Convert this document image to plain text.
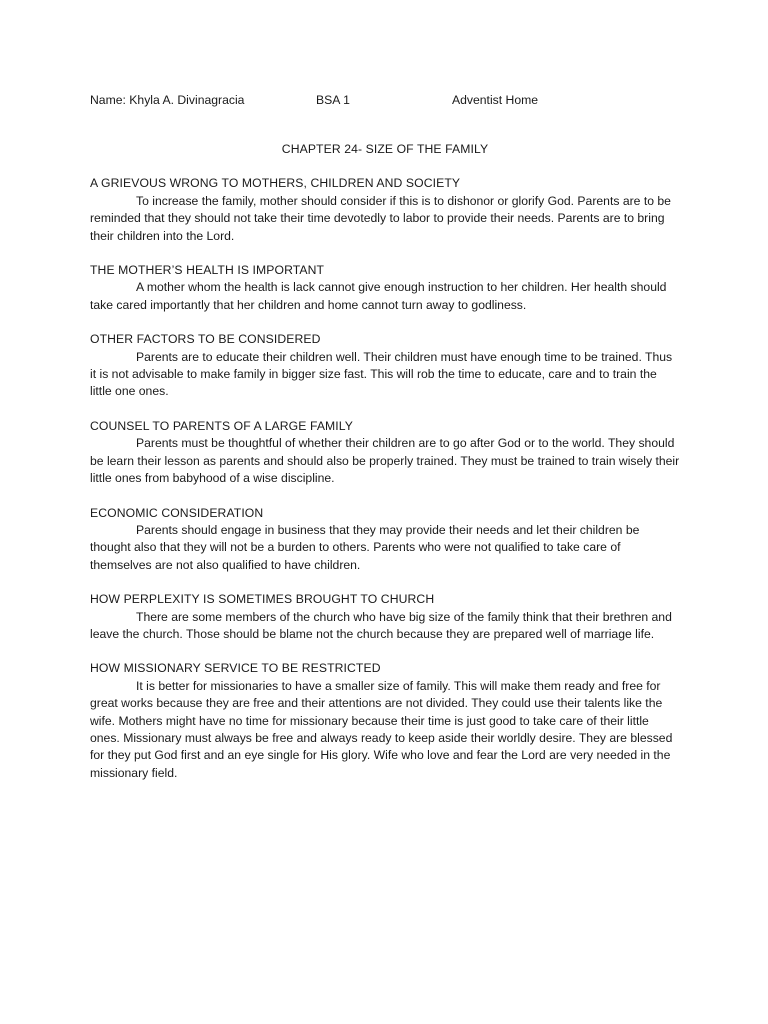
Name: Khyla A. Divinagracia	BSA 1	Adventist Home
CHAPTER 24- SIZE OF THE FAMILY
A GRIEVOUS WRONG TO MOTHERS, CHILDREN AND SOCIETY

To increase the family, mother should consider if this is to dishonor or glorify God. Parents are to be reminded that they should not take their time devotedly to labor to provide their needs. Parents are to bring their children into the Lord.

THE MOTHER’S HEALTH IS IMPORTANT

A mother whom the health is lack cannot give enough instruction to her children. Her health should take cared importantly that her children and home cannot turn away to godliness.

OTHER FACTORS TO BE CONSIDERED

Parents are to educate their children well. Their children must have enough time to be trained. Thus it is not advisable to make family in bigger size fast. This will rob the time to educate, care and to train the little one ones.

COUNSEL TO PARENTS OF A LARGE FAMILY

Parents must be thoughtful of whether their children are to go after God or to the world. They should be learn their lesson as parents and should also be properly trained. They must be trained to train wisely their little ones from babyhood of a wise discipline.

ECONOMIC CONSIDERATION

Parents should engage in business that they may provide their needs and let their children be thought also that they will not be a burden to others. Parents who were not qualified to take care of themselves are not also qualified to have children.

HOW PERPLEXITY IS SOMETIMES BROUGHT TO CHURCH

There are some members of the church who have big size of the family think that their brethren and leave the church. Those should be blame not the church because they are prepared well of marriage life.

HOW MISSIONARY SERVICE TO BE RESTRICTED

It is better for missionaries to have a smaller size of family. This will make them ready and free for great works because they are free and their attentions are not divided. They could use their talents like the wife. Mothers might have no time for missionary because their time is just good to take care of their little ones. Missionary must always be free and always ready to keep aside their worldly desire. They are blessed for they put God first and an eye single for His glory. Wife who love and fear the Lord are very needed in the missionary field.
